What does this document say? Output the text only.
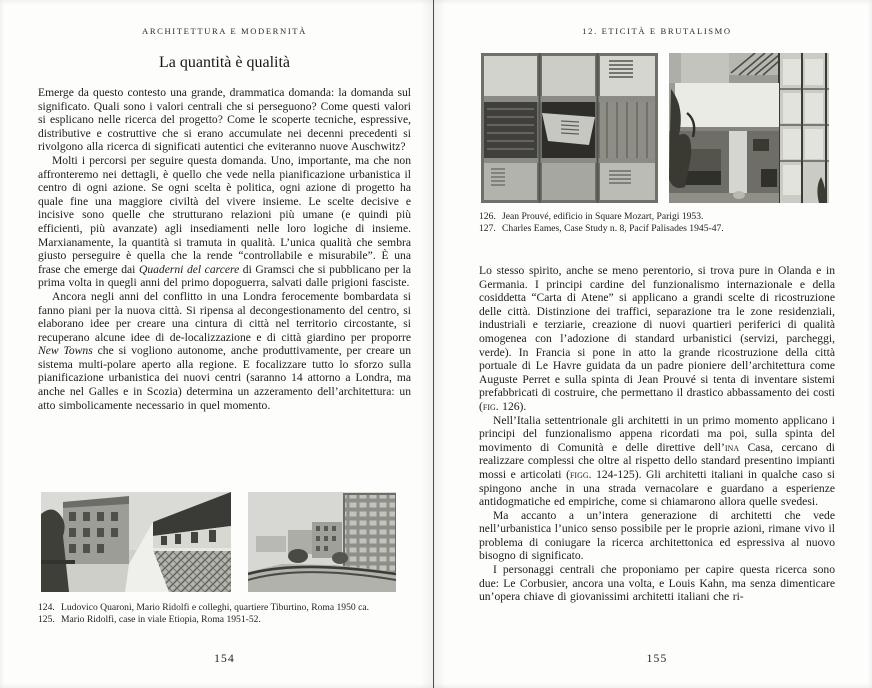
ARCHITETTURA E MODERNITÀ
La quantità è qualità

Emerge da questo contesto una grande, drammatica domanda: la domanda sul significato. Quali sono i valori centrali che si perseguono? Come questi valori si esplicano nelle ricerca del progetto? Come le scoperte tecniche, espressive, distributive e costruttive che si erano accumulate nei decenni precedenti si rivolgono alla ricerca di significati autentici che eviteranno nuove Auschwitz?

Molti i percorsi per seguire questa domanda. Uno, importante, ma che non affronteremo nei dettagli, è quello che vede nella pianificazione urbanistica il centro di ogni azione. Se ogni scelta è politica, ogni azione di progetto ha quale fine una maggiore civiltà del vivere insieme. Le scelte decisive e incisive sono quelle che strutturano relazioni più umane (e quindi più efficienti, più avanzate) agli insediamenti nelle loro logiche di insieme. Marxianamente, la quantità si tramuta in qualità. L’unica qualità che sembra giusto perseguire è quella che la rende “controllabile e misurabile”. È una frase che emerge dai Quaderni del carcere di Gramsci che si pubblicano per la prima volta in quegli anni del primo dopoguerra, salvati dalle prigioni fasciste.

Ancora negli anni del conflitto in una Londra ferocemente bombardata si fanno piani per la nuova città. Si ripensa al decongestionamento del centro, si elaborano idee per creare una cintura di città nel territorio circostante, si recuperano alcune idee di de-localizzazione e di città giardino per proporre New Towns che si vogliono autonome, anche produttivamente, per creare un sistema multi-polare aperto alla regione. E focalizzare tutto lo sforzo sulla pianificazione urbanistica dei nuovi centri (saranno 14 attorno a Londra, ma anche nel Galles e in Scozia) determina un azzeramento dell’architettura: un atto simbolicamente necessario in quel momento.

124. Ludovico Quaroni, Mario Ridolfi e colleghi, quartiere Tiburtino, Roma 1950 ca.
125. Mario Ridolfi, case in viale Etiopia, Roma 1951-52.
154
12. ETICITÀ E BRUTALISMO
126. Jean Prouvé, edificio in Square Mozart, Parigi 1953.
127. Charles Eames, Case Study n. 8, Pacif Palisades 1945-47.

Lo stesso spirito, anche se meno perentorio, si trova pure in Olanda e in Germania. I principi cardine del funzionalismo internazionale e della cosiddetta “Carta di Atene” si applicano a grandi scelte di ricostruzione delle città. Distinzione dei traffici, separazione tra le zone residenziali, industriali e terziarie, creazione di nuovi quartieri periferici di qualità omogenea con l’adozione di standard urbanistici (servizi, parcheggi, verde). In Francia si pone in atto la grande ricostruzione della città portuale di Le Havre guidata da un padre pioniere dell’architettura come Auguste Perret e sulla spinta di Jean Prouvé si tenta di inventare sistemi prefabbricati di costruire, che permettano il drastico abbassamento dei costi (fig. 126).

Nell’Italia settentrionale gli architetti in un primo momento applicano i principi del funzionalismo appena ricordati ma poi, sulla spinta del movimento di Comunità e delle direttive dell’ina Casa, cercano di realizzare complessi che oltre al rispetto dello standard presentino impianti mossi e articolati (figg. 124-125). Gli architetti italiani in qualche caso si spingono anche in una strada vernacolare e guardano a esperienze antidogmatiche ed empiriche, come si chiamarono allora quelle svedesi.

Ma accanto a un’intera generazione di architetti che vede nell’urbanistica l’unico senso possibile per le proprie azioni, rimane vivo il problema di coniugare la ricerca architettonica ed espressiva al nuovo bisogno di significato.

I personaggi centrali che proponiamo per capire questa ricerca sono due: Le Corbusier, ancora una volta, e Louis Kahn, ma senza dimenticare un’opera chiave di giovanissimi architetti italiani che ri-

155
